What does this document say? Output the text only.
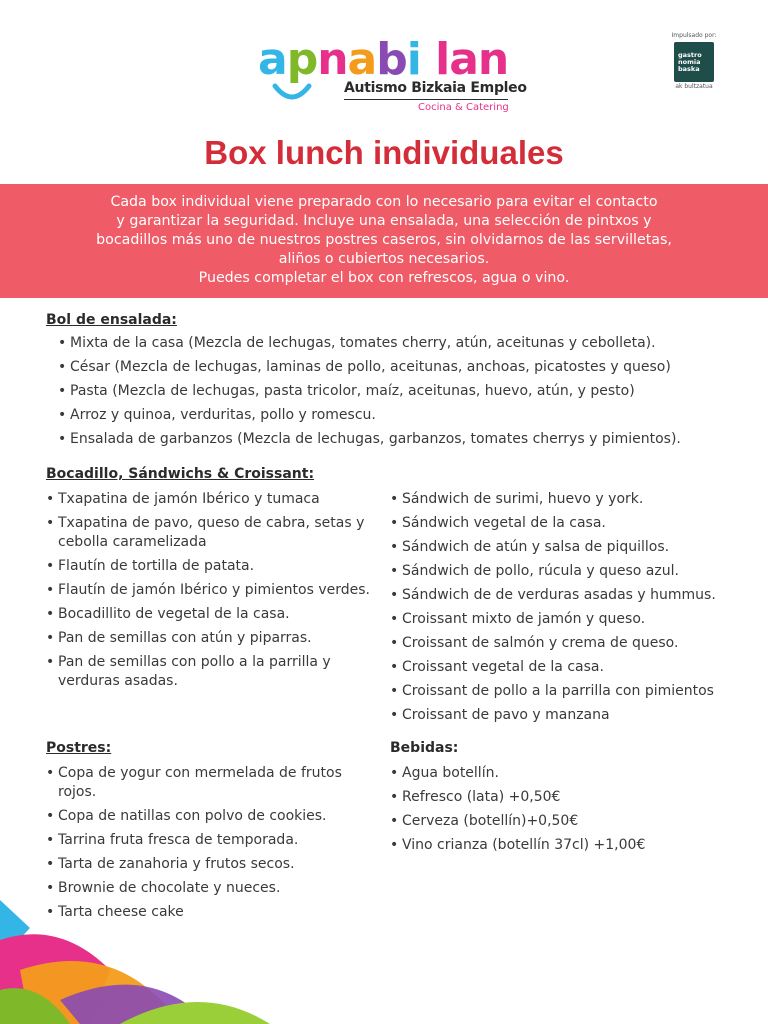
apnabi lan
Autismo Bizkaia Empleo
Cocina & Catering
Impulsado por:
gastro
nomia
baska
ak bultzatua
Box lunch individuales

Cada box individual viene preparado con lo necesario para evitar el contacto
y garantizar la seguridad. Incluye una ensalada, una selección de pintxos y
bocadillos más uno de nuestros postres caseros, sin olvidarnos de las servilletas,
aliños o cubiertos necesarios.
Puedes completar el box con refrescos, agua o vino.

Bol de ensalada:
• Mixta de la casa (Mezcla de lechugas, tomates cherry, atún, aceitunas y cebolleta).
• César (Mezcla de lechugas, laminas de pollo, aceitunas, anchoas, picatostes y queso)
• Pasta (Mezcla de lechugas, pasta tricolor, maíz, aceitunas, huevo, atún, y pesto)
• Arroz y quinoa, verduritas, pollo y romescu.
• Ensalada de garbanzos (Mezcla de lechugas, garbanzos, tomates cherrys y pimientos).
Bocadillo, Sándwichs & Croissant:
• Txapatina de jamón Ibérico y tumaca
• Txapatina de pavo, queso de cabra, setas y cebolla caramelizada
• Flautín de tortilla de patata.
• Flautín de jamón Ibérico y pimientos verdes.
• Bocadillito de vegetal de la casa.
• Pan de semillas con atún y piparras.
• Pan de semillas con pollo a la parrilla y verduras asadas.
• Sándwich de surimi, huevo y york.
• Sándwich vegetal de la casa.
• Sándwich de atún y salsa de piquillos.
• Sándwich de pollo, rúcula y queso azul.
• Sándwich de de verduras asadas y hummus.
• Croissant mixto de jamón y queso.
• Croissant de salmón y crema de queso.
• Croissant vegetal de la casa.
• Croissant de pollo a la parrilla con pimientos
• Croissant de pavo y manzana
Postres:
• Copa de yogur con mermelada de frutos rojos.
• Copa de natillas con polvo de cookies.
• Tarrina fruta fresca de temporada.
• Tarta de zanahoria y frutos secos.
• Brownie de chocolate y nueces.
• Tarta cheese cake
Bebidas:
• Agua botellín.
• Refresco (lata) +0,50€
• Cerveza (botellín)+0,50€
• Vino crianza (botellín 37cl) +1,00€
